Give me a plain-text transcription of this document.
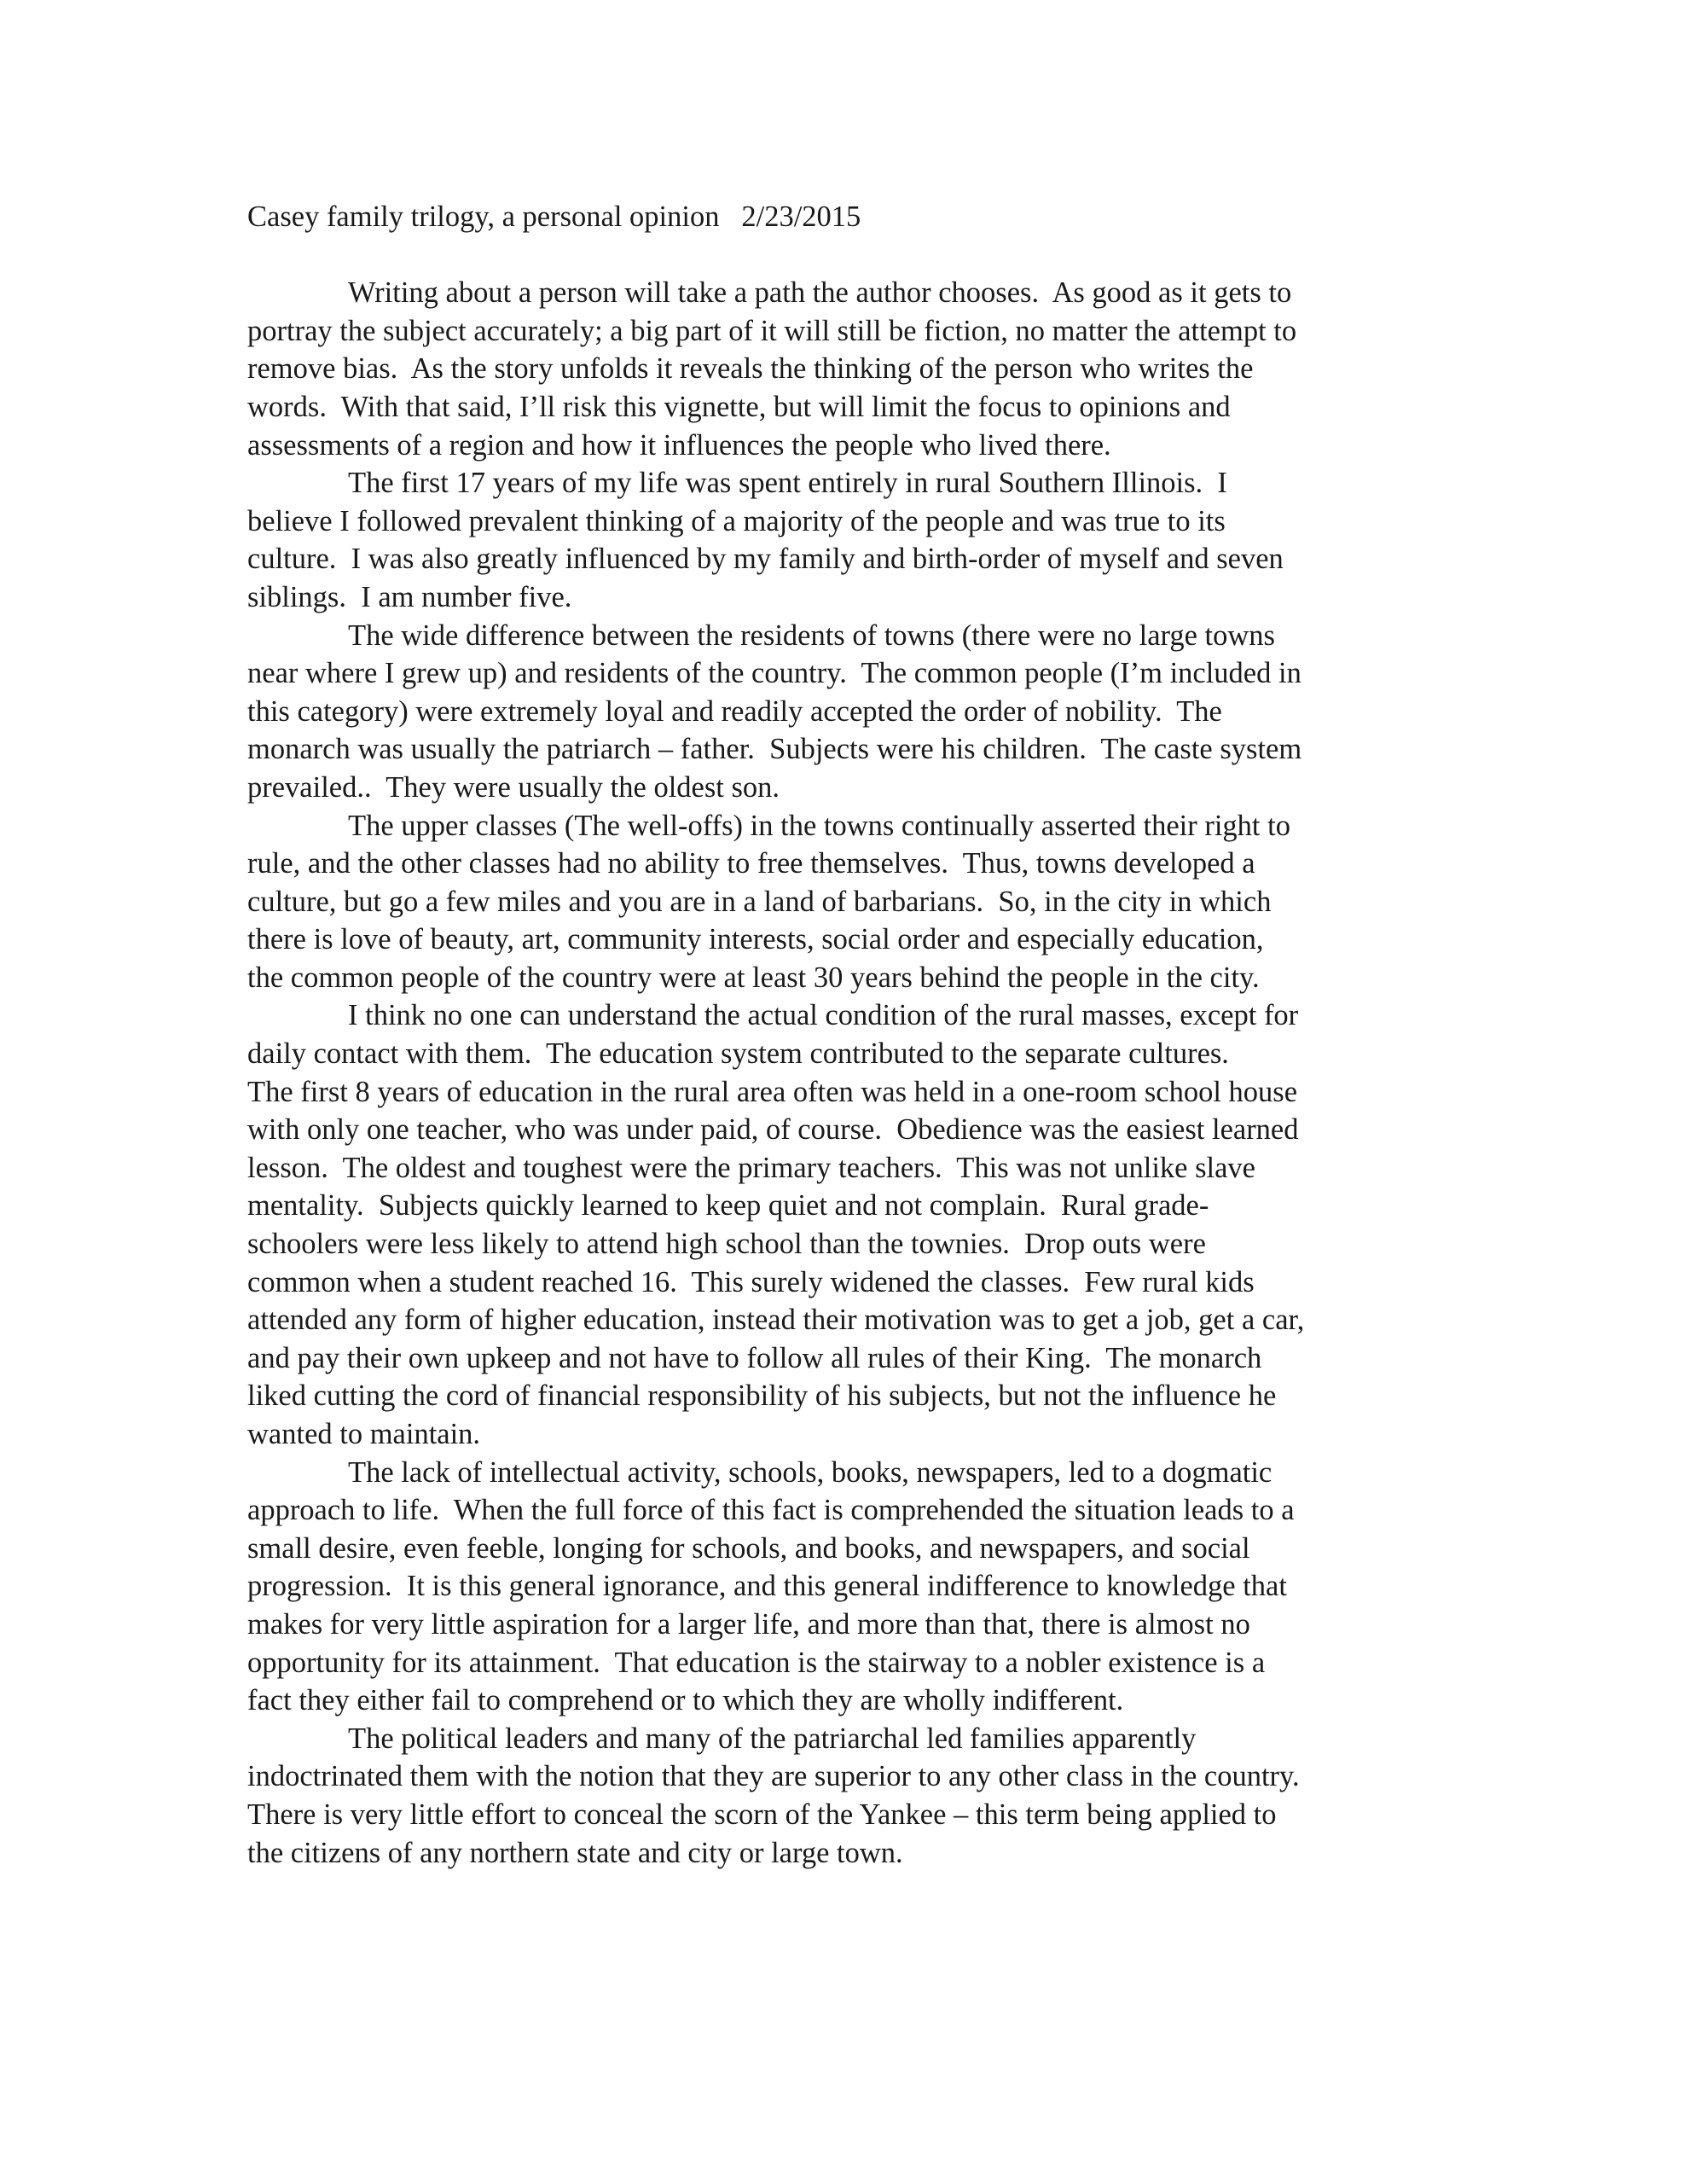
Casey family trilogy, a personal opinion   2/23/2015

Writing about a person will take a path the author chooses.  As good as it gets to
portray the subject accurately; a big part of it will still be fiction, no matter the attempt to
remove bias.  As the story unfolds it reveals the thinking of the person who writes the
words.  With that said, I’ll risk this vignette, but will limit the focus to opinions and
assessments of a region and how it influences the people who lived there.

The first 17 years of my life was spent entirely in rural Southern Illinois.  I
believe I followed prevalent thinking of a majority of the people and was true to its
culture.  I was also greatly influenced by my family and birth-order of myself and seven
siblings.  I am number five.

The wide difference between the residents of towns (there were no large towns
near where I grew up) and residents of the country.  The common people (I’m included in
this category) were extremely loyal and readily accepted the order of nobility.  The
monarch was usually the patriarch – father.  Subjects were his children.  The caste system
prevailed..  They were usually the oldest son.

The upper classes (The well-offs) in the towns continually asserted their right to
rule, and the other classes had no ability to free themselves.  Thus, towns developed a
culture, but go a few miles and you are in a land of barbarians.  So, in the city in which
there is love of beauty, art, community interests, social order and especially education,
the common people of the country were at least 30 years behind the people in the city.

I think no one can understand the actual condition of the rural masses, except for
daily contact with them.  The education system contributed to the separate cultures.
The first 8 years of education in the rural area often was held in a one-room school house
with only one teacher, who was under paid, of course.  Obedience was the easiest learned
lesson.  The oldest and toughest were the primary teachers.  This was not unlike slave
mentality.  Subjects quickly learned to keep quiet and not complain.  Rural grade-
schoolers were less likely to attend high school than the townies.  Drop outs were
common when a student reached 16.  This surely widened the classes.  Few rural kids
attended any form of higher education, instead their motivation was to get a job, get a car,
and pay their own upkeep and not have to follow all rules of their King.  The monarch
liked cutting the cord of financial responsibility of his subjects, but not the influence he
wanted to maintain.

The lack of intellectual activity, schools, books, newspapers, led to a dogmatic
approach to life.  When the full force of this fact is comprehended the situation leads to a
small desire, even feeble, longing for schools, and books, and newspapers, and social
progression.  It is this general ignorance, and this general indifference to knowledge that
makes for very little aspiration for a larger life, and more than that, there is almost no
opportunity for its attainment.  That education is the stairway to a nobler existence is a
fact they either fail to comprehend or to which they are wholly indifferent.

The political leaders and many of the patriarchal led families apparently
indoctrinated them with the notion that they are superior to any other class in the country.
There is very little effort to conceal the scorn of the Yankee – this term being applied to
the citizens of any northern state and city or large town.
